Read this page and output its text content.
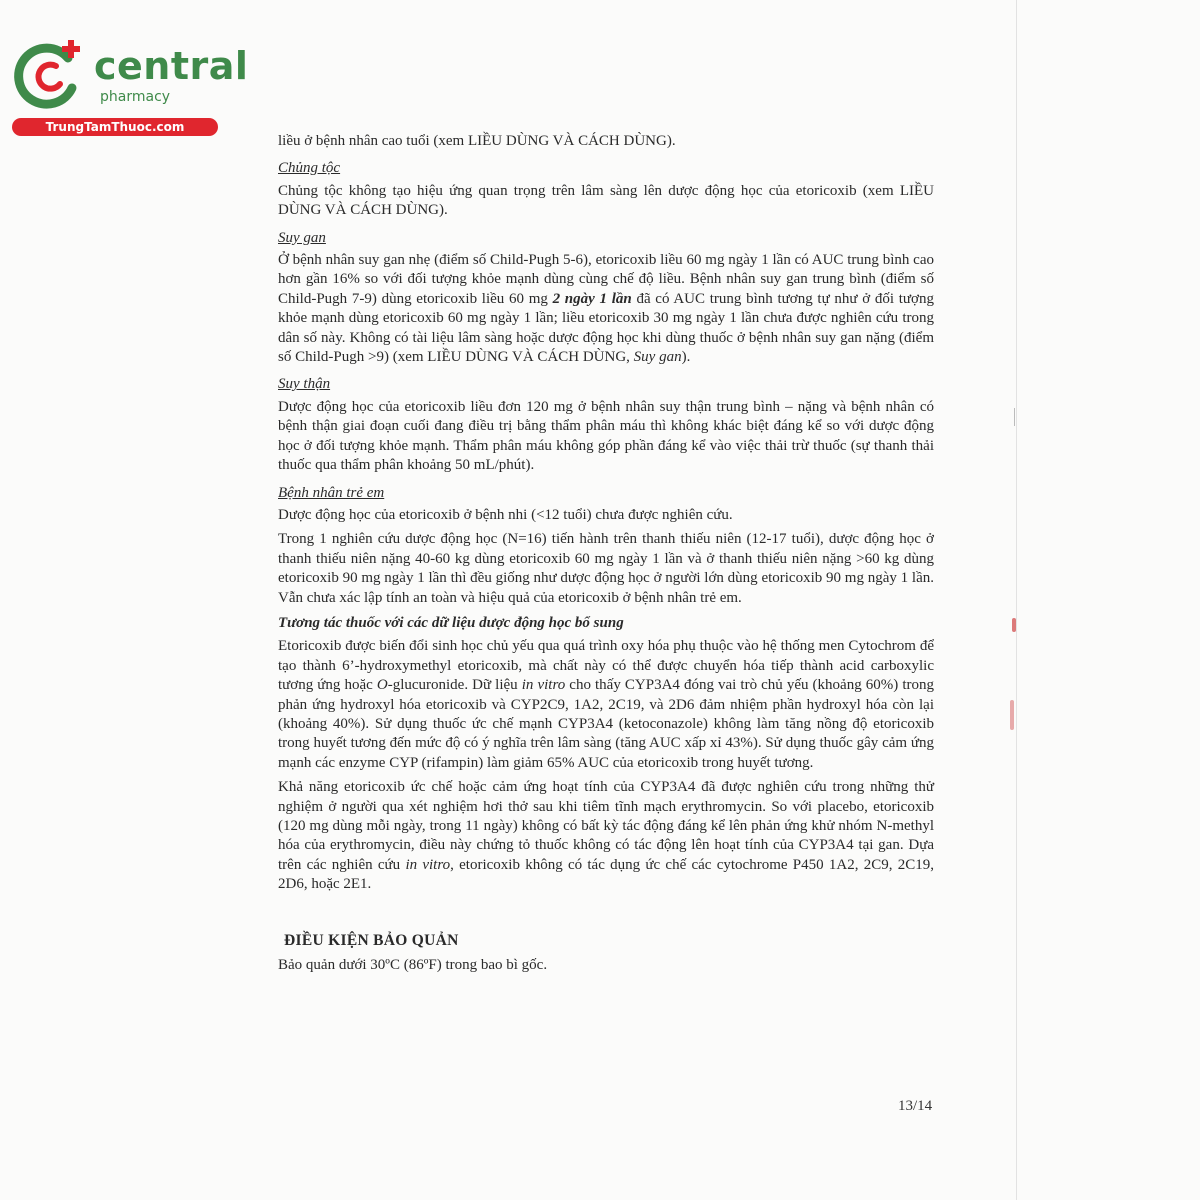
central
pharmacy
TrungTamThuoc.com

liều ở bệnh nhân cao tuổi (xem LIỀU DÙNG VÀ CÁCH DÙNG).

Chủng tộc

Chủng tộc không tạo hiệu ứng quan trọng trên lâm sàng lên dược động học của etoricoxib (xem LIỀU DÙNG VÀ CÁCH DÙNG).

Suy gan

Ở bệnh nhân suy gan nhẹ (điểm số Child-Pugh 5-6), etoricoxib liều 60 mg ngày 1 lần có AUC trung bình cao hơn gần 16% so với đối tượng khỏe mạnh dùng cùng chế độ liều. Bệnh nhân suy gan trung bình (điểm số Child-Pugh 7-9) dùng etoricoxib liều 60 mg 2 ngày 1 lần đã có AUC trung bình tương tự như ở đối tượng khỏe mạnh dùng etoricoxib 60 mg ngày 1 lần; liều etoricoxib 30 mg ngày 1 lần chưa được nghiên cứu trong dân số này. Không có tài liệu lâm sàng hoặc dược động học khi dùng thuốc ở bệnh nhân suy gan nặng (điểm số Child-Pugh >9) (xem LIỀU DÙNG VÀ CÁCH DÙNG, Suy gan).

Suy thận

Dược động học của etoricoxib liều đơn 120 mg ở bệnh nhân suy thận trung bình – nặng và bệnh nhân có bệnh thận giai đoạn cuối đang điều trị bằng thẩm phân máu thì không khác biệt đáng kể so với dược động học ở đối tượng khỏe mạnh. Thẩm phân máu không góp phần đáng kể vào việc thải trừ thuốc (sự thanh thải thuốc qua thẩm phân khoảng 50 mL/phút).

Bệnh nhân trẻ em

Dược động học của etoricoxib ở bệnh nhi (<12 tuổi) chưa được nghiên cứu.

Trong 1 nghiên cứu dược động học (N=16) tiến hành trên thanh thiếu niên (12-17 tuổi), dược động học ở thanh thiếu niên nặng 40-60 kg dùng etoricoxib 60 mg ngày 1 lần và ở thanh thiếu niên nặng >60 kg dùng etoricoxib 90 mg ngày 1 lần thì đều giống như dược động học ở người lớn dùng etoricoxib 90 mg ngày 1 lần. Vẫn chưa xác lập tính an toàn và hiệu quả của etoricoxib ở bệnh nhân trẻ em.

Tương tác thuốc với các dữ liệu dược động học bổ sung

Etoricoxib được biến đổi sinh học chủ yếu qua quá trình oxy hóa phụ thuộc vào hệ thống men Cytochrom để tạo thành 6’-hydroxymethyl etoricoxib, mà chất này có thể được chuyển hóa tiếp thành acid carboxylic tương ứng hoặc O-glucuronide. Dữ liệu in vitro cho thấy CYP3A4 đóng vai trò chủ yếu (khoảng 60%) trong phản ứng hydroxyl hóa etoricoxib và CYP2C9, 1A2, 2C19, và 2D6 đảm nhiệm phần hydroxyl hóa còn lại (khoảng 40%). Sử dụng thuốc ức chế mạnh CYP3A4 (ketoconazole) không làm tăng nồng độ etoricoxib trong huyết tương đến mức độ có ý nghĩa trên lâm sàng (tăng AUC xấp xỉ 43%). Sử dụng thuốc gây cảm ứng mạnh các enzyme CYP (rifampin) làm giảm 65% AUC của etoricoxib trong huyết tương.

Khả năng etoricoxib ức chế hoặc cảm ứng hoạt tính của CYP3A4 đã được nghiên cứu trong những thử nghiệm ở người qua xét nghiệm hơi thở sau khi tiêm tĩnh mạch erythromycin. So với placebo, etoricoxib (120 mg dùng mỗi ngày, trong 11 ngày) không có bất kỳ tác động đáng kể lên phản ứng khử nhóm N-methyl hóa của erythromycin, điều này chứng tỏ thuốc không có tác động lên hoạt tính của CYP3A4 tại gan. Dựa trên các nghiên cứu in vitro, etoricoxib không có tác dụng ức chế các cytochrome P450 1A2, 2C9, 2C19, 2D6, hoặc 2E1.

ĐIỀU KIỆN BẢO QUẢN

Bảo quản dưới 30ºC (86ºF) trong bao bì gốc.

13/14
